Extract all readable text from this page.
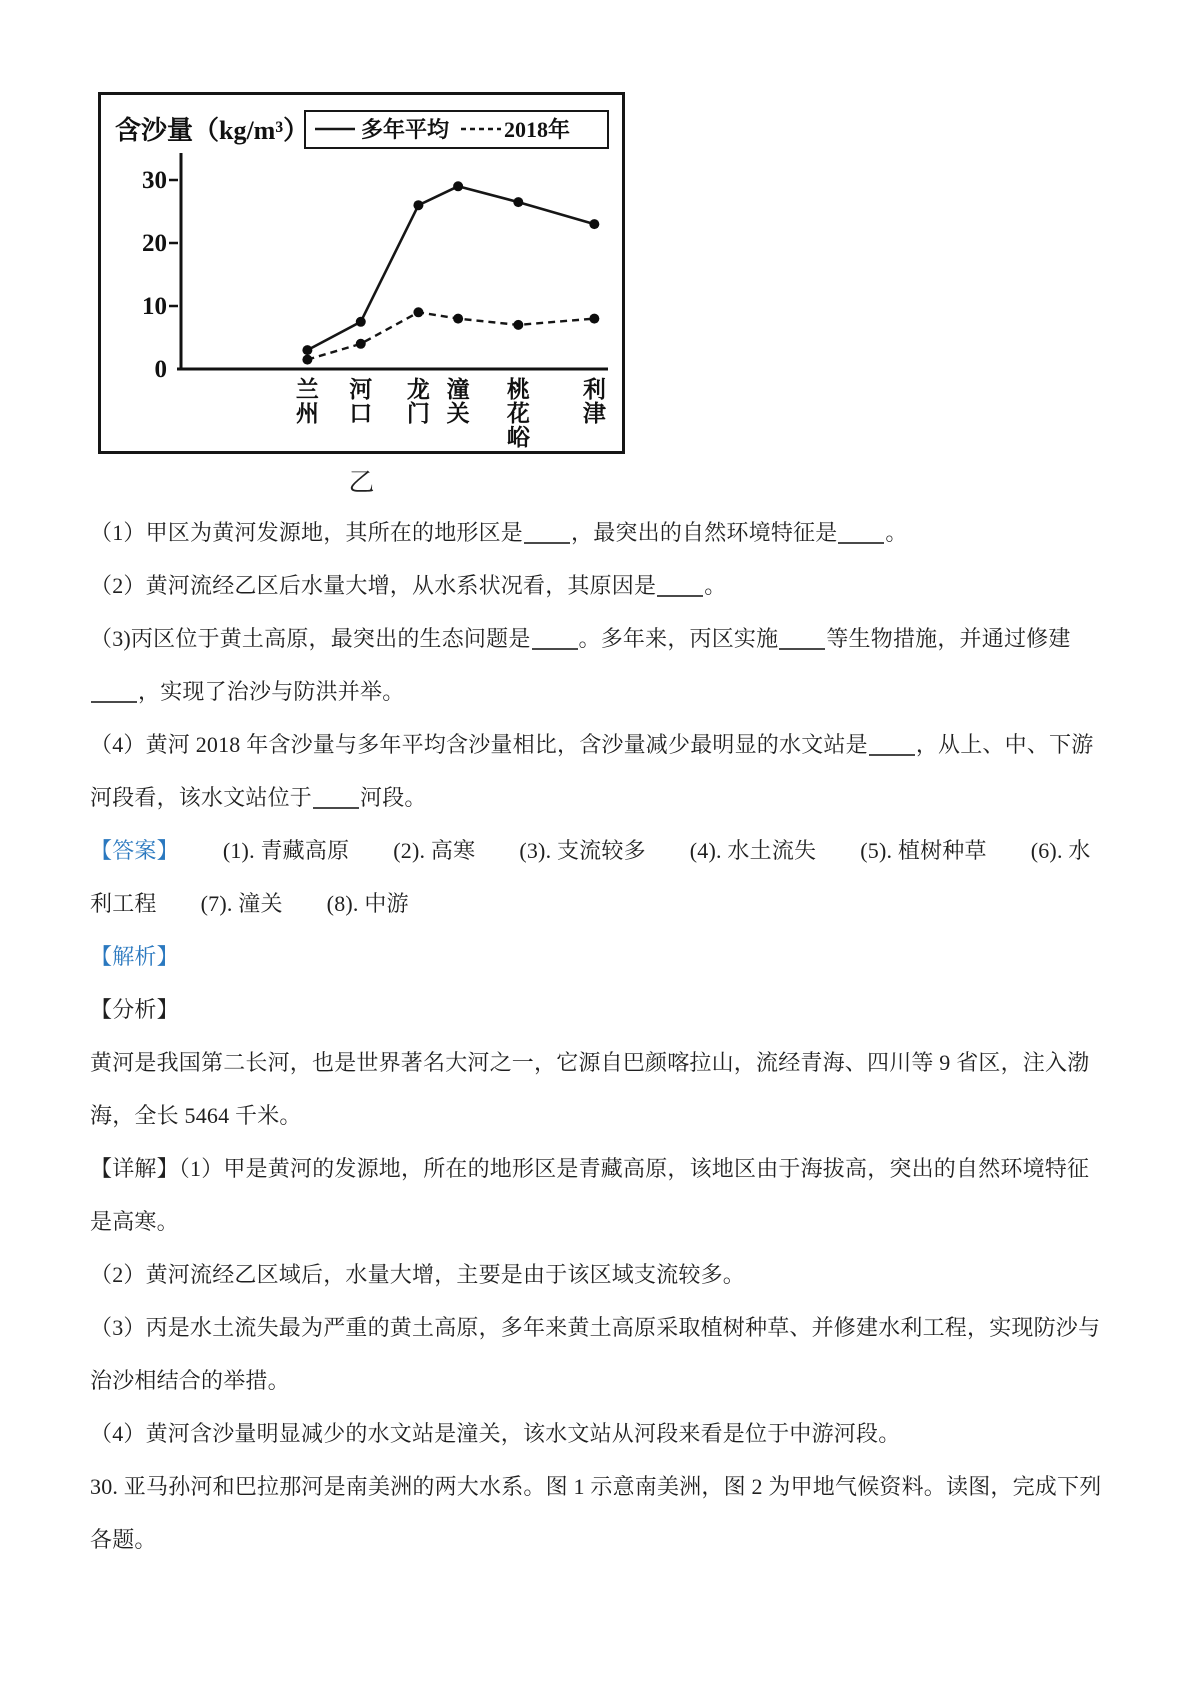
含沙量（kg/m³） 多年平均 2018年
0
10
20
30
兰州
河口
龙门
潼关
桃花峪
利津
乙

（1）甲区为黄河发源地，其所在的地形区是 ，最突出的自然环境特征是 。

（2）黄河流经乙区后水量大增，从水系状况看，其原因是 。

（3)丙区位于黄土高原，最突出的生态问题是 。多年来，丙区实施 等生物措施，并通过修建，实现了治沙与防洪并举。

（4）黄河 2018 年含沙量与多年平均含沙量相比，含沙量减少最明显的水文站是 ，从上、中、下游河段看，该水文站位于 河段。

【答案】 (1). 青藏高原 (2). 高寒 (3). 支流较多 (4). 水土流失 (5). 植树种草 (6). 水利工程 (7). 潼关 (8). 中游

【解析】

【分析】

黄河是我国第二长河，也是世界著名大河之一，它源自巴颜喀拉山，流经青海、四川等 9 省区，注入渤海，全长 5464 千米。

【详解】（1）甲是黄河的发源地，所在的地形区是青藏高原，该地区由于海拔高，突出的自然环境特征是高寒。

（2）黄河流经乙区域后，水量大增，主要是由于该区域支流较多。

（3）丙是水土流失最为严重的黄土高原，多年来黄土高原采取植树种草、并修建水利工程，实现防沙与治沙相结合的举措。

（4）黄河含沙量明显减少的水文站是潼关，该水文站从河段来看是位于中游河段。

30. 亚马孙河和巴拉那河是南美洲的两大水系。图 1 示意南美洲，图 2 为甲地气候资料。读图，完成下列各题。
